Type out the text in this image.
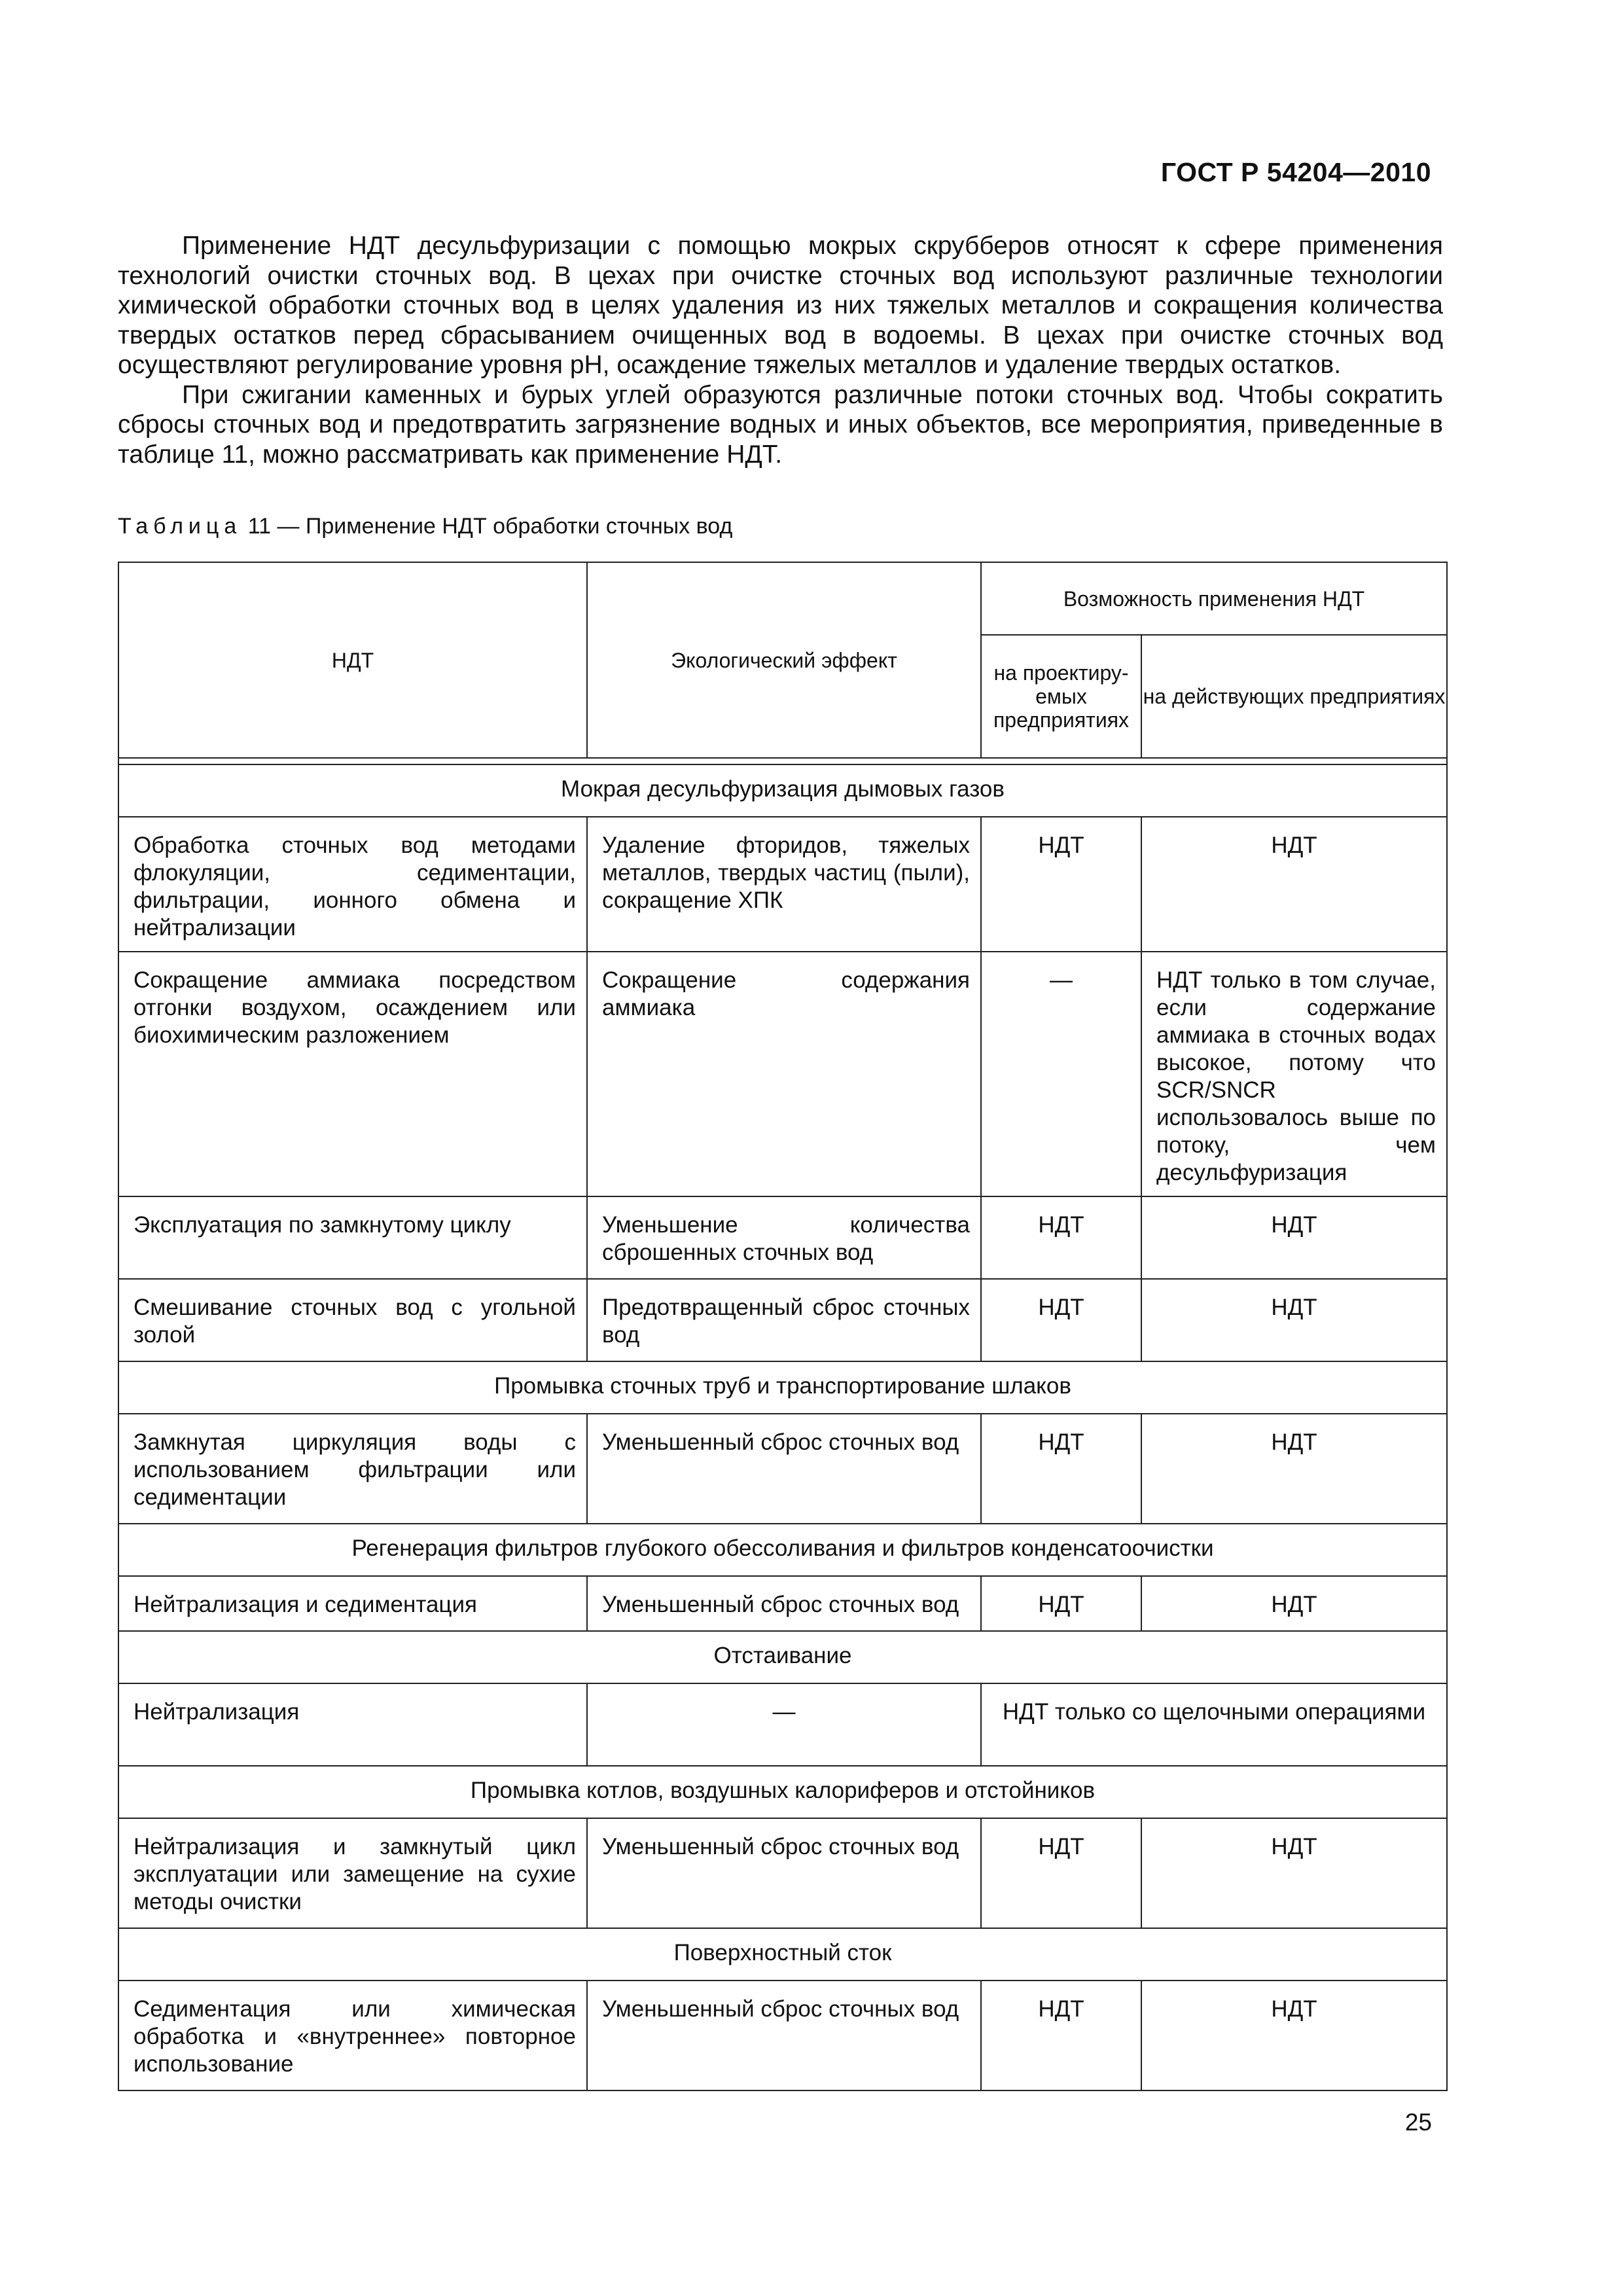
ГОСТ Р 54204—2010

Применение НДТ десульфуризации с помощью мокрых скрубберов относят к сфере применения технологий очистки сточных вод. В цехах при очистке сточных вод используют различные технологии химической обработки сточных вод в целях удаления из них тяжелых металлов и сокращения количества твердых остатков перед сбрасыванием очищенных вод в водоемы. В цехах при очистке сточных вод осуществляют регулирование уровня pH, осаждение тяжелых металлов и удаление твердых остатков.

При сжигании каменных и бурых углей образуются различные потоки сточных вод. Чтобы сократить сбросы сточных вод и предотвратить загрязнение водных и иных объектов, все мероприятия, приведенные в таблице 11, можно рассматривать как применение НДТ.

Таблица 11 — Применение НДТ обработки сточных вод
НДТ	Экологический эффект	Возможность применения НДТ	
		на проектиру-емых предприятиях	на действующих предприятиях

Мокрая десульфуризация дымовых газов			
Обработка сточных вод методами флокуляции, седиментации, фильтрации, ионного обмена и нейтрализации	Удаление фторидов, тяжелых металлов, твердых частиц (пыли), сокращение ХПК	НДТ	НДТ
Сокращение аммиака посредством отгонки воздухом, осаждением или биохимическим разложением	Сокращение содержания аммиака	—	НДТ только в том случае, если содержание аммиака в сточных водах высокое, потому что SCR/SNCR использовалось выше по потоку, чем десульфуризация
Эксплуатация по замкнутому циклу	Уменьшение количества сброшенных сточных вод	НДТ	НДТ
Смешивание сточных вод с угольной золой	Предотвращенный сброс сточных вод	НДТ	НДТ
Промывка сточных труб и транспортирование шлаков			
Замкнутая циркуляция воды с использованием фильтрации или седиментации	Уменьшенный сброс сточных вод	НДТ	НДТ
Регенерация фильтров глубокого обессоливания и фильтров конденсатоочистки			
Нейтрализация и седиментация	Уменьшенный сброс сточных вод	НДТ	НДТ
Отстаивание			
Нейтрализация	—	НДТ только со щелочными операциями	
Промывка котлов, воздушных калориферов и отстойников			
Нейтрализация и замкнутый цикл эксплуатации или замещение на сухие методы очистки	Уменьшенный сброс сточных вод	НДТ	НДТ
Поверхностный сток			
Седиментация или химическая обработка и «внутреннее» повторное использование	Уменьшенный сброс сточных вод	НДТ	НДТ
25
